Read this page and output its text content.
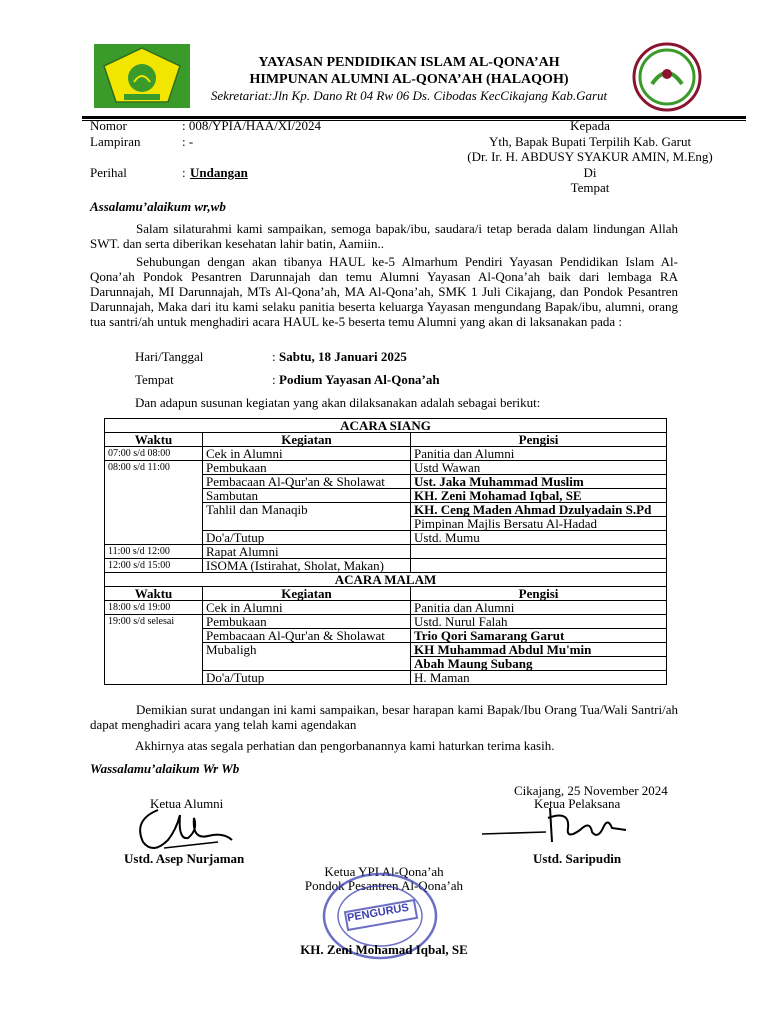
YAYASAN PENDIDIKAN ISLAM AL-QONA’AH
HIMPUNAN ALUMNI AL-QONA’AH (HALAQOH)
Sekretariat:Jln Kp. Dano Rt 04 Rw 06 Ds. Cibodas KecCikajang Kab.Garut
Nomor	: 008/YPIA/HAA/XI/2024
Lampiran	: -
Perihal	: Undangan
Kepada
Yth, Bapak Bupati Terpilih Kab. Garut
(Dr. Ir. H. ABDUSY SYAKUR AMIN, M.Eng)
Di
Tempat
Assalamu’alaikum wr,wb
Salam silaturahmi kami sampaikan, semoga bapak/ibu, saudara/i tetap berada dalam lindungan Allah SWT. dan serta diberikan kesehatan lahir batin, Aamiin..
Sehubungan dengan akan tibanya HAUL ke-5 Almarhum Pendiri Yayasan Pendidikan Islam Al-Qona’ah Pondok Pesantren Darunnajah dan temu Alumni Yayasan Al-Qona’ah baik dari lembaga RA Darunnajah, MI Darunnajah, MTs Al-Qona’ah, MA Al-Qona’ah, SMK 1 Juli Cikajang, dan Pondok Pesantren Darunnajah, Maka dari itu kami selaku panitia beserta keluarga Yayasan mengundang Bapak/ibu, alumni, orang tua santri/ah untuk menghadiri acara HAUL ke-5 beserta temu Alumni yang akan di laksanakan pada :
Hari/Tanggal	: Sabtu, 18 Januari 2025
Tempat	: Podium Yayasan Al-Qona’ah
Dan adapun susunan kegiatan yang akan dilaksanakan adalah sebagai berikut:
ACARA SIANG		
Waktu	Kegiatan	Pengisi
07:00 s/d 08:00	Cek in Alumni	Panitia dan Alumni
08:00 s/d 11:00	Pembukaan	Ustd Wawan
	Pembacaan Al-Qur'an & Sholawat	Ust. Jaka Muhammad Muslim
	Sambutan	KH. Zeni Mohamad Iqbal, SE
	Tahlil dan Manaqib	KH. Ceng Maden Ahmad Dzulyadain S.Pd
		Pimpinan Majlis Bersatu Al-Hadad
	Do'a/Tutup	Ustd. Mumu
11:00 s/d 12:00	Rapat Alumni	
12:00 s/d 15:00	ISOMA (Istirahat, Sholat, Makan)	
ACARA MALAM		
Waktu	Kegiatan	Pengisi
18:00 s/d 19:00	Cek in Alumni	Panitia dan Alumni
19:00 s/d selesai	Pembukaan	Ustd. Nurul Falah
	Pembacaan Al-Qur'an & Sholawat	Trio Qori Samarang Garut
	Mubaligh	KH Muhammad Abdul Mu'min
		Abah Maung Subang
	Do'a/Tutup	H. Maman
Demikian surat undangan ini kami sampaikan, besar harapan kami Bapak/Ibu Orang Tua/Wali Santri/ah dapat menghadiri acara yang telah kami agendakan
Akhirnya atas segala perhatian dan pengorbanannya kami haturkan terima kasih.
Wassalamu’alaikum Wr Wb
Cikajang, 25 November 2024
Ketua Alumni	Ketua Pelaksana
Ustd. Asep Nurjaman	Ustd. Saripudin
Ketua YPI Al-Qona’ah
Pondok Pesantren Al-Qona’ah
PENGURUS
KH. Zeni Mohamad Iqbal, SE
